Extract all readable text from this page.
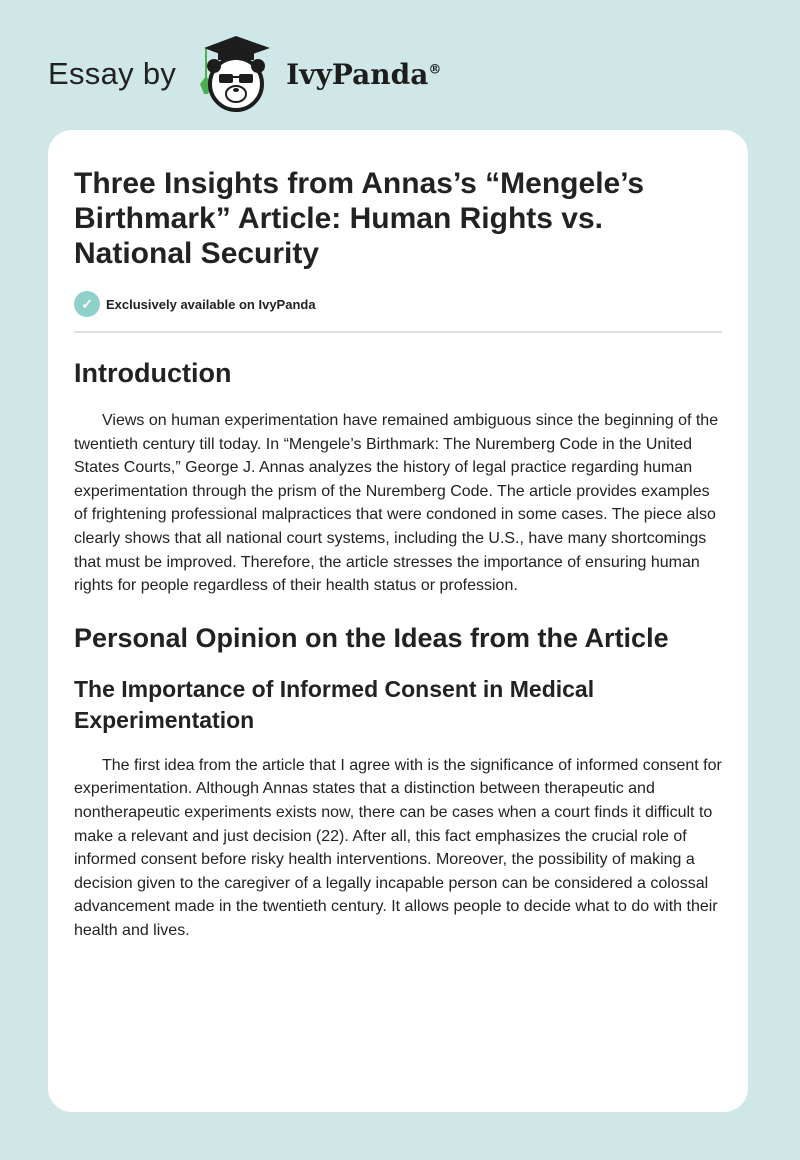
Essay by	IvyPanda®
Three Insights from Annas’s “Mengele’s Birthmark” Article: Human Rights vs. National Security
✓	Exclusively available on IvyPanda
Introduction

Views on human experimentation have remained ambiguous since the beginning of the twentieth century till today. In “Mengele’s Birthmark: The Nuremberg Code in the United States Courts,” George J. Annas analyzes the history of legal practice regarding human experimentation through the prism of the Nuremberg Code. The article provides examples of frightening professional malpractices that were condoned in some cases. The piece also clearly shows that all national court systems, including the U.S., have many shortcomings that must be improved. Therefore, the article stresses the importance of ensuring human rights for people regardless of their health status or profession.

Personal Opinion on the Ideas from the Article
The Importance of Informed Consent in Medical Experimentation

The first idea from the article that I agree with is the significance of informed consent for experimentation. Although Annas states that a distinction between therapeutic and nontherapeutic experiments exists now, there can be cases when a court finds it difficult to make a relevant and just decision (22). After all, this fact emphasizes the crucial role of informed consent before risky health interventions. Moreover, the possibility of making a decision given to the caregiver of a legally incapable person can be considered a colossal advancement made in the twentieth century. It allows people to decide what to do with their health and lives.
